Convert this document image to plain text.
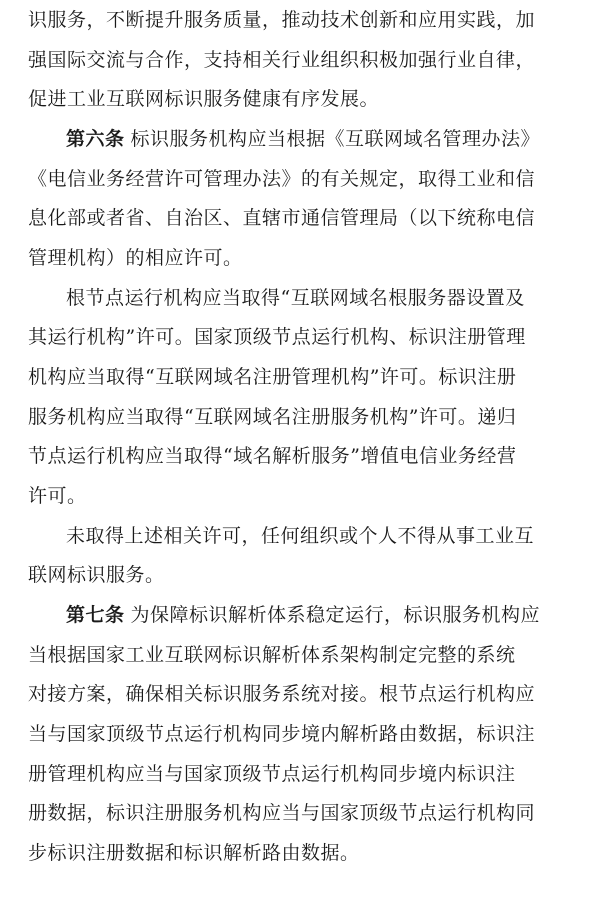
识服务，不断提升服务质量，推动技术创新和应用实践，加
强国际交流与合作，支持相关行业组织积极加强行业自律，
促进工业互联网标识服务健康有序发展。
第六条 标识服务机构应当根据《互联网域名管理办法》
《电信业务经营许可管理办法》的有关规定，取得工业和信
息化部或者省、自治区、直辖市通信管理局（以下统称电信
管理机构）的相应许可。
根节点运行机构应当取得“互联网域名根服务器设置及
其运行机构”许可。国家顶级节点运行机构、标识注册管理
机构应当取得“互联网域名注册管理机构”许可。标识注册
服务机构应当取得“互联网域名注册服务机构”许可。递归
节点运行机构应当取得“域名解析服务”增值电信业务经营
许可。
未取得上述相关许可，任何组织或个人不得从事工业互
联网标识服务。
第七条 为保障标识解析体系稳定运行，标识服务机构应
当根据国家工业互联网标识解析体系架构制定完整的系统
对接方案，确保相关标识服务系统对接。根节点运行机构应
当与国家顶级节点运行机构同步境内解析路由数据，标识注
册管理机构应当与国家顶级节点运行机构同步境内标识注
册数据，标识注册服务机构应当与国家顶级节点运行机构同
步标识注册数据和标识解析路由数据。
